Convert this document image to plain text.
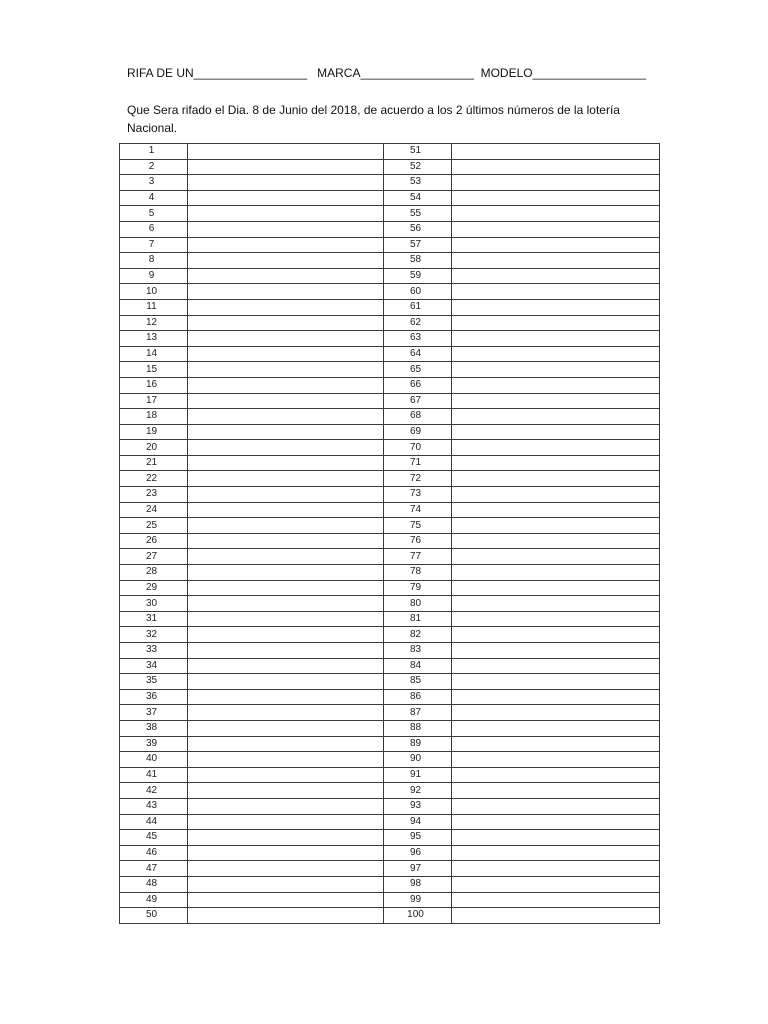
RIFA DE UN_________________   MARCA_________________  MODELO_________________
Que Sera rifado el Dia. 8 de Junio del 2018, de acuerdo a los 2 últimos números de la lotería Nacional.
1		51	
2		52	
3		53	
4		54	
5		55	
6		56	
7		57	
8		58	
9		59	
10		60	
11		61	
12		62	
13		63	
14		64	
15		65	
16		66	
17		67	
18		68	
19		69	
20		70	
21		71	
22		72	
23		73	
24		74	
25		75	
26		76	
27		77	
28		78	
29		79	
30		80	
31		81	
32		82	
33		83	
34		84	
35		85	
36		86	
37		87	
38		88	
39		89	
40		90	
41		91	
42		92	
43		93	
44		94	
45		95	
46		96	
47		97	
48		98	
49		99	
50		100	
